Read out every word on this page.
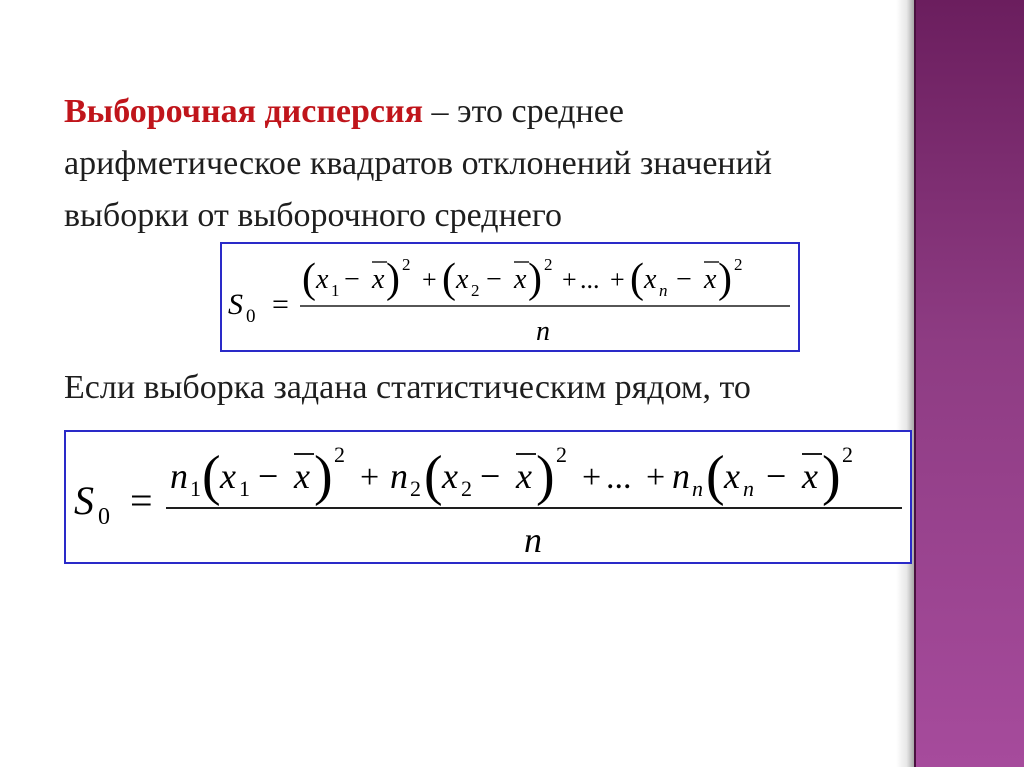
Выборочная дисперсия – это среднее
арифметическое квадратов отклонений значений
выборки от выборочного среднего
S 0 =
( x 1 − x ) 2
+ ( x 2 − x ) 2
+ ... + ( x n − x ) 2
n
Если выборка задана статистическим рядом, то
S 0 =
n 1 ( x 1 − x ) 2
+ n 2 ( x 2 − x ) 2
+ ... + n n ( x n − x ) 2
n
